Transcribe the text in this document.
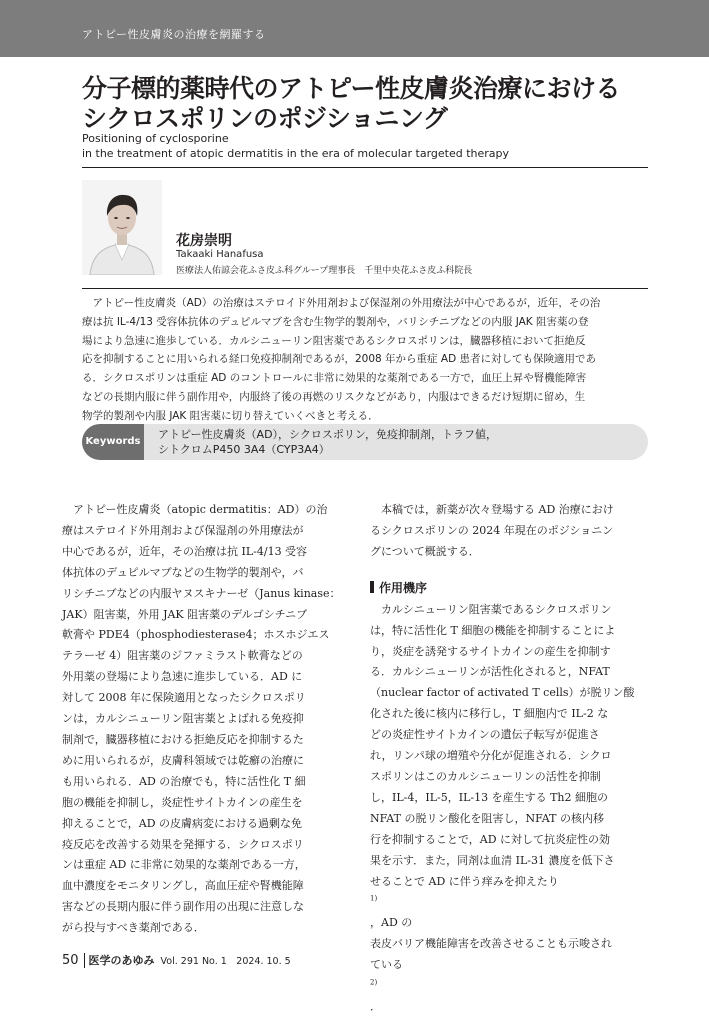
アトピー性皮膚炎の治療を網羅する
分子標的薬時代のアトピー性皮膚炎治療における
シクロスポリンのポジショニング
Positioning of cyclosporine
in the treatment of atopic dermatitis in the era of molecular targeted therapy
花房崇明
Takaaki Hanafusa
医療法人佑諒会花ふさ皮ふ科グループ理事長　千里中央花ふさ皮ふ科院長
アトピー性皮膚炎（AD）の治療はステロイド外用剤および保湿剤の外用療法が中心であるが，近年，その治
療は抗 IL-4/13 受容体抗体のデュピルマブを含む生物学的製剤や，バリシチニブなどの内服 JAK 阻害薬の登
場により急速に進歩している．カルシニューリン阻害薬であるシクロスポリンは，臓器移植において拒絶反
応を抑制することに用いられる経口免疫抑制剤であるが，2008 年から重症 AD 患者に対しても保険適用であ
る．シクロスポリンは重症 AD のコントロールに非常に効果的な薬剤である一方で，血圧上昇や腎機能障害
などの長期内服に伴う副作用や，内服終了後の再燃のリスクなどがあり，内服はできるだけ短期に留め，生
物学的製剤や内服 JAK 阻害薬に切り替えていくべきと考える．
Keywords
アトピー性皮膚炎（AD），シクロスポリン，免疫抑制剤，トラフ値，
シトクロムP450 3A4（CYP3A4）

アトピー性皮膚炎（atopic dermatitis：AD）の治
療はステロイド外用剤および保湿剤の外用療法が
中心であるが，近年，その治療は抗 IL-4/13 受容
体抗体のデュピルマブなどの生物学的製剤や，バ
リシチニブなどの内服ヤヌスキナーゼ（Janus kinase：
JAK）阻害薬，外用 JAK 阻害薬のデルゴシチニブ
軟膏や PDE4（phosphodiesterase4；ホスホジエス
テラーゼ 4）阻害薬のジファミラスト軟膏などの
外用薬の登場により急速に進歩している．AD に
対して 2008 年に保険適用となったシクロスポリ
ンは，カルシニューリン阻害薬とよばれる免疫抑
制剤で，臓器移植における拒絶反応を抑制するた
めに用いられるが，皮膚科領域では乾癬の治療に
も用いられる．AD の治療でも，特に活性化 T 細
胞の機能を抑制し，炎症性サイトカインの産生を
抑えることで，AD の皮膚病変における過剰な免
疫反応を改善する効果を発揮する．シクロスポリ
ンは重症 AD に非常に効果的な薬剤である一方，
血中濃度をモニタリングし，高血圧症や腎機能障
害などの長期内服に伴う副作用の出現に注意しな
がら投与すべき薬剤である．

本稿では，新薬が次々登場する AD 治療におけ
るシクロスポリンの 2024 年現在のポジショニン
グについて概説する．

作用機序

カルシニューリン阻害薬であるシクロスポリン
は，特に活性化 T 細胞の機能を抑制することによ
り，炎症を誘発するサイトカインの産生を抑制す
る．カルシニューリンが活性化されると，NFAT
（nuclear factor of activated T cells）が脱リン酸
化された後に核内に移行し，T 細胞内で IL-2 な
どの炎症性サイトカインの遺伝子転写が促進さ
れ，リンパ球の増殖や分化が促進される．シクロ
スポリンはこのカルシニューリンの活性を抑制
し，IL-4，IL-5，IL-13 を産生する Th2 細胞の
NFAT の脱リン酸化を阻害し，NFAT の核内移
行を抑制することで，AD に対して抗炎症性の効
果を示す．また，同剤は血清 IL-31 濃度を低下さ
せることで AD に伴う痒みを抑えたり
$^{1)}$
，AD の
表皮バリア機能障害を改善させることも示唆され
ている
$^{2)}$
．

50 医学のあゆみ Vol. 291 No. 1　2024. 10. 5
